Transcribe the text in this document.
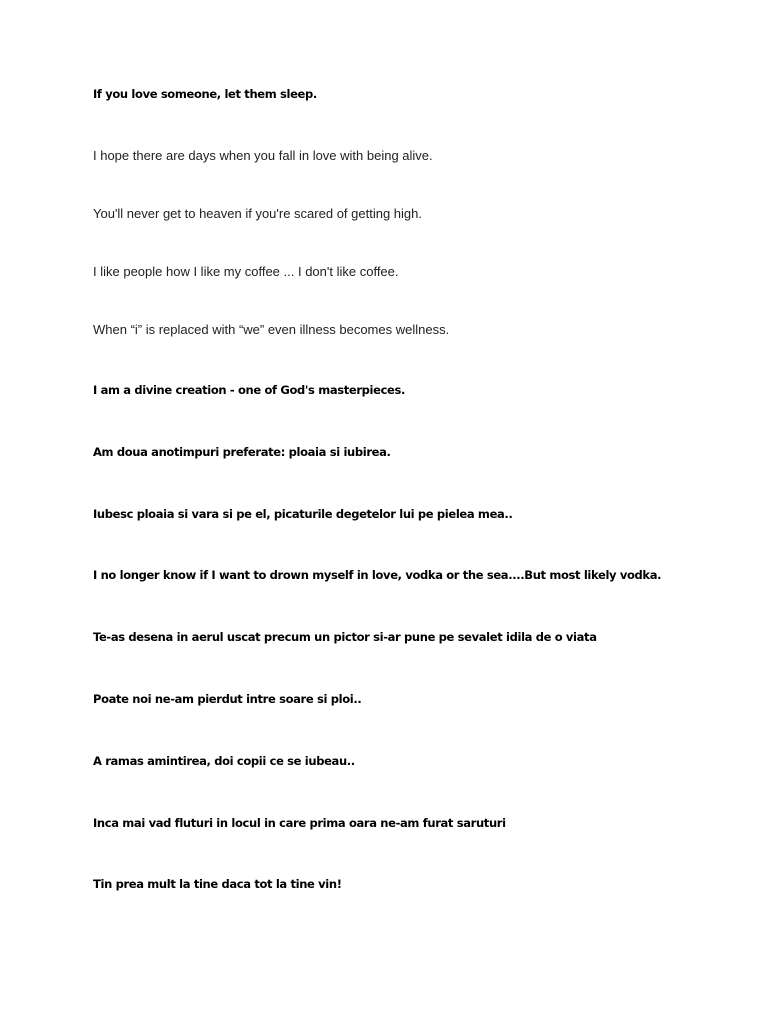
If you love someone, let them sleep.
I hope there are days when you fall in love with being alive.
You'll never get to heaven if you're scared of getting high.
I like people how I like my coffee ... I don't like coffee.
When “i” is replaced with “we” even illness becomes wellness.
I am a divine creation - one of God's masterpieces.
Am doua anotimpuri preferate: ploaia si iubirea.
Iubesc ploaia si vara si pe el, picaturile degetelor lui pe pielea mea..
I no longer know if I want to drown myself in love, vodka or the sea....But most likely vodka.
Te-as desena in aerul uscat precum un pictor si-ar pune pe sevalet idila de o viata
Poate noi ne-am pierdut intre soare si ploi..
A ramas amintirea, doi copii ce se iubeau..
Inca mai vad fluturi in locul in care prima oara ne-am furat saruturi
Tin prea mult la tine daca tot la tine vin!
